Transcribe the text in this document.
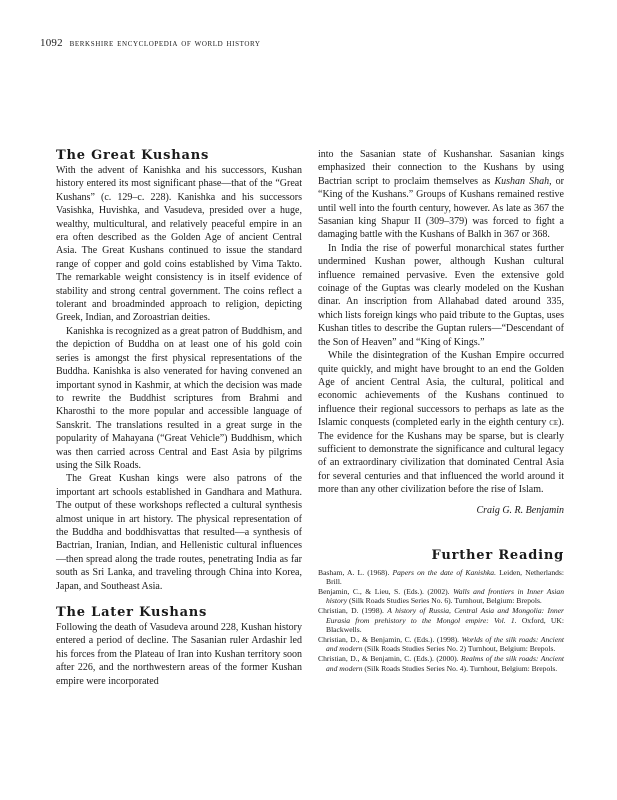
1092 berkshire encyclopedia of world history
The Great Kushans

With the advent of Kanishka and his successors, Kushan history entered its most significant phase—that of the “Great Kushans” (c. 129–c. 228). Kanishka and his successors Vasishka, Huvishka, and Vasudeva, presided over a huge, wealthy, multicultural, and relatively peaceful empire in an era often described as the Golden Age of ancient Central Asia. The Great Kushans continued to issue the standard range of copper and gold coins established by Vima Takto. The remarkable weight consistency is in itself evidence of stability and strong central government. The coins reflect a tolerant and broadminded approach to religion, depicting Greek, Indian, and Zoroastrian deities.

Kanishka is recognized as a great patron of Buddhism, and the depiction of Buddha on at least one of his gold coin series is amongst the first physical representations of the Buddha. Kanishka is also venerated for having convened an important synod in Kashmir, at which the decision was made to rewrite the Buddhist scriptures from Brahmi and Kharosthi to the more popular and accessible language of Sanskrit. The translations resulted in a great surge in the popularity of Mahayana (“Great Vehicle”) Buddhism, which was then carried across Central and East Asia by pilgrims using the Silk Roads.

The Great Kushan kings were also patrons of the important art schools established in Gandhara and Mathura. The output of these workshops reflected a cultural synthesis almost unique in art history. The physical representation of the Buddha and boddhisvattas that resulted—a synthesis of Bactrian, Iranian, Indian, and Hellenistic cultural influences—then spread along the trade routes, penetrating India as far south as Sri Lanka, and traveling through China into Korea, Japan, and Southeast Asia.

The Later Kushans

Following the death of Vasudeva around 228, Kushan history entered a period of decline. The Sasanian ruler Ardashir led his forces from the Plateau of Iran into Kushan territory soon after 226, and the northwestern areas of the former Kushan empire were incorporated

into the Sasanian state of Kushanshar. Sasanian kings emphasized their connection to the Kushans by using Bactrian script to proclaim themselves as Kushan Shah, or “King of the Kushans.” Groups of Kushans remained restive until well into the fourth century, however. As late as 367 the Sasanian king Shapur II (309–379) was forced to fight a damaging battle with the Kushans of Balkh in 367 or 368.

In India the rise of powerful monarchical states further undermined Kushan power, although Kushan cultural influence remained pervasive. Even the extensive gold coinage of the Guptas was clearly modeled on the Kushan dinar. An inscription from Allahabad dated around 335, which lists foreign kings who paid tribute to the Guptas, uses Kushan titles to describe the Guptan rulers—“Descendant of the Son of Heaven” and “King of Kings.”

While the disintegration of the Kushan Empire occurred quite quickly, and might have brought to an end the Golden Age of ancient Central Asia, the cultural, political and economic achievements of the Kushans continued to influence their regional successors to perhaps as late as the Islamic conquests (completed early in the eighth century ce). The evidence for the Kushans may be sparse, but is clearly sufficient to demonstrate the significance and cultural legacy of an extraordinary civilization that dominated Central Asia for several centuries and that influenced the world around it more than any other civilization before the rise of Islam.

Craig G. R. Benjamin
Further Reading

Basham, A. L. (1968). Papers on the date of Kanishka. Leiden, Netherlands: Brill.

Benjamin, C., & Lieu, S. (Eds.). (2002). Walls and frontiers in Inner Asian history (Silk Roads Studies Series No. 6). Turnhout, Belgium: Brepols.

Christian, D. (1998). A history of Russia, Central Asia and Mongolia: Inner Eurasia from prehistory to the Mongol empire: Vol. 1. Oxford, UK: Blackwells.

Christian, D., & Benjamin, C. (Eds.). (1998). Worlds of the silk roads: Ancient and modern (Silk Roads Studies Series No. 2) Turnhout, Belgium: Brepols.

Christian, D., & Benjamin, C. (Eds.). (2000). Realms of the silk roads: Ancient and modern (Silk Roads Studies Series No. 4). Turnhout, Belgium: Brepols.
